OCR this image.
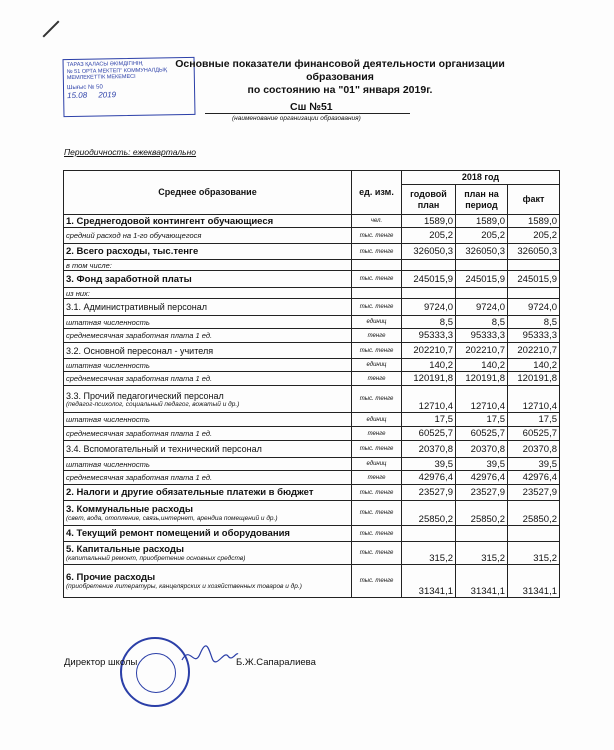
ТАРАЗ ҚАЛАСЫ ӘКІМДІГІНІҢ
№ 51 ОРТА МЕКТЕП" КОММУНАЛДЫҚ
МЕМЛЕКЕТТІК МЕКЕМЕСІ
Шығыс № 50
15.08 2019
Основные показатели финансовой деятельности организации образования
по состоянию на "01" января 2019г.
Сш №51
(наименование организации образования)
Периодичность: ежеквартально
Среднее образование	ед. изм.	2018 год		
		годовой план	план на период	факт
1. Среднегодовой контингент обучающиеся	чел.	1589,0	1589,0	1589,0
средний расход на 1-го обучающегося	тыс. тенге	205,2	205,2	205,2
2. Всего расходы, тыс.тенге	тыс. тенге	326050,3	326050,3	326050,3
в том числе:				
3. Фонд заработной платы	тыс. тенге	245015,9	245015,9	245015,9
из них:				
3.1. Административный персонал	тыс. тенге	9724,0	9724,0	9724,0
штатная численность	единиц	8,5	8,5	8,5
среднемесячная заработная плата 1 ед.	тенге	95333,3	95333,3	95333,3
3.2. Основной пересонал - учителя	тыс. тенге	202210,7	202210,7	202210,7
штатная численность	единиц	140,2	140,2	140,2
среднемесячная заработная плата 1 ед.	тенге	120191,8	120191,8	120191,8
3.3. Прочий педагогический персонал
(педагог-психолог, социальный педагог, вожатый и др.)	тыс. тенге	12710,4	12710,4	12710,4
штатная численность	единиц	17,5	17,5	17,5
среднемесячная заработная плата 1 ед.	тенге	60525,7	60525,7	60525,7
3.4. Вспомогательный и технический персонал	тыс. тенге	20370,8	20370,8	20370,8
штатная численность	единиц	39,5	39,5	39,5
среднемесячная заработная плата 1 ед.	тенге	42976,4	42976,4	42976,4
2. Налоги и другие обязательные платежи в бюджет	тыс. тенге	23527,9	23527,9	23527,9
3. Коммунальные расходы
(свет, вода, отопление, связь,интернет, арендиа помещений и др.)	тыс. тенге	25850,2	25850,2	25850,2
4. Текущий ремонт помещений и оборудования	тыс. тенге			
5. Капитальные расходы
(капитальный ремонт, приобретение основных средств)	тыс. тенге	315,2	315,2	315,2
6. Прочие расходы
(приобретение литературы, канцелярских и хозяйственных товаров и др.)	тыс. тенге	31341,1	31341,1	31341,1
Директор школы	Б.Ж.Сапаралиева
